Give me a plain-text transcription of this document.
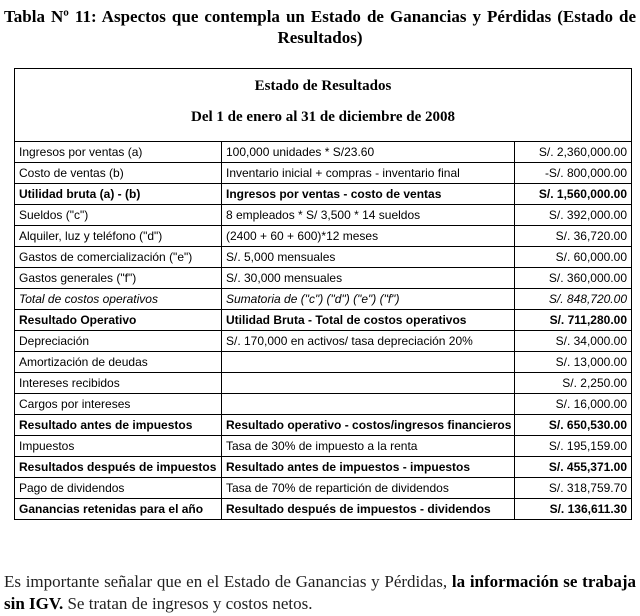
Tabla Nº 11: Aspectos que contempla un Estado de Ganancias y Pérdidas (Estado de
Resultados)
Estado de Resultados
Del 1 de enero al 31 de diciembre de 2008
Ingresos por ventas (a)	100,000 unidades * S/23.60	S/. 2,360,000.00
Costo de ventas (b)	Inventario inicial + compras - inventario final	-S/. 800,000.00
Utilidad bruta (a) - (b)	Ingresos por ventas - costo de ventas	S/. 1,560,000.00
Sueldos ("c")	8 empleados * S/ 3,500 * 14 sueldos	S/. 392,000.00
Alquiler, luz y teléfono ("d")	(2400 + 60 + 600)*12 meses	S/. 36,720.00
Gastos de comercialización ("e")	S/. 5,000 mensuales	S/. 60,000.00
Gastos generales ("f")	S/. 30,000 mensuales	S/. 360,000.00
Total de costos operativos	Sumatoria de ("c") ("d") ("e") ("f")	S/. 848,720.00
Resultado Operativo	Utilidad Bruta - Total de costos operativos	S/. 711,280.00
Depreciación	S/. 170,000 en activos/ tasa depreciación 20%	S/. 34,000.00
Amortización de deudas		S/. 13,000.00
Intereses recibidos		S/. 2,250.00
Cargos por intereses		S/. 16,000.00
Resultado antes de impuestos	Resultado operativo - costos/ingresos financieros	S/. 650,530.00
Impuestos	Tasa de 30% de impuesto a la renta	S/. 195,159.00
Resultados después de impuestos	Resultado antes de impuestos - impuestos	S/. 455,371.00
Pago de dividendos	Tasa de 70% de repartición de dividendos	S/. 318,759.70
Ganancias retenidas para el año	Resultado después de impuestos - dividendos	S/. 136,611.30
Es importante señalar que en el Estado de Ganancias y Pérdidas, la información se trabaja
sin IGV. Se tratan de ingresos y costos netos.
